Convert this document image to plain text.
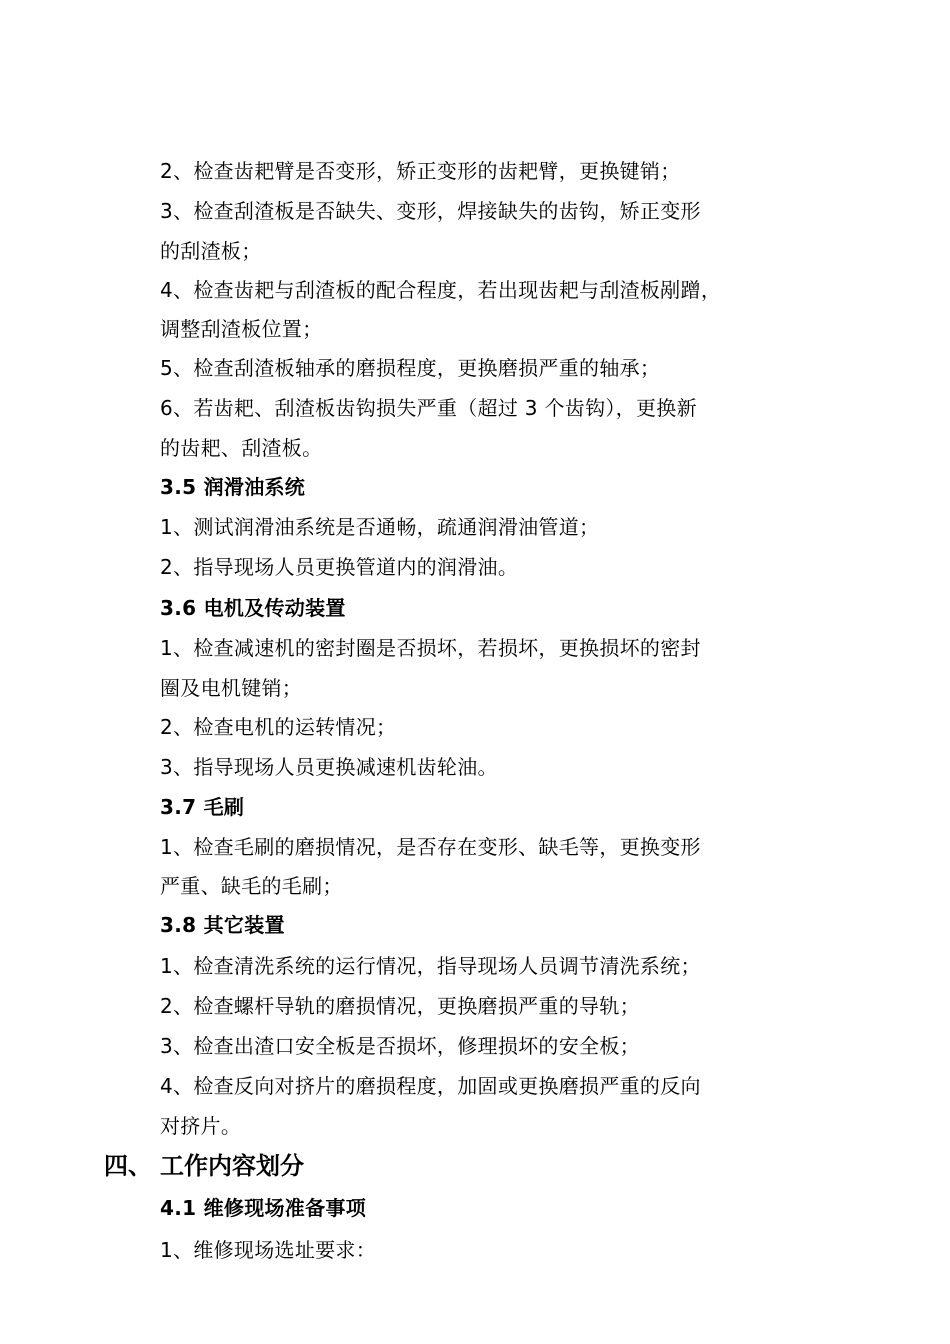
2、检查齿耙臂是否变形，矫正变形的齿耙臂，更换键销；
3、检查刮渣板是否缺失、变形，焊接缺失的齿钩，矫正变形
的刮渣板；
4、检查齿耙与刮渣板的配合程度，若出现齿耙与刮渣板剐蹭，
调整刮渣板位置；
5、检查刮渣板轴承的磨损程度，更换磨损严重的轴承；
6、若齿耙、刮渣板齿钩损失严重（超过 3 个齿钩），更换新
的齿耙、刮渣板。
3.5 润滑油系统
1、测试润滑油系统是否通畅，疏通润滑油管道；
2、指导现场人员更换管道内的润滑油。
3.6 电机及传动装置
1、检查减速机的密封圈是否损坏，若损坏，更换损坏的密封
圈及电机键销；
2、检查电机的运转情况；
3、指导现场人员更换减速机齿轮油。
3.7 毛刷
1、检查毛刷的磨损情况，是否存在变形、缺毛等，更换变形
严重、缺毛的毛刷；
3.8 其它装置
1、检查清洗系统的运行情况，指导现场人员调节清洗系统；
2、检查螺杆导轨的磨损情况，更换磨损严重的导轨；
3、检查出渣口安全板是否损坏，修理损坏的安全板；
4、检查反向对挤片的磨损程度，加固或更换磨损严重的反向
对挤片。
四、 工作内容划分
4.1 维修现场准备事项
1、维修现场选址要求：
